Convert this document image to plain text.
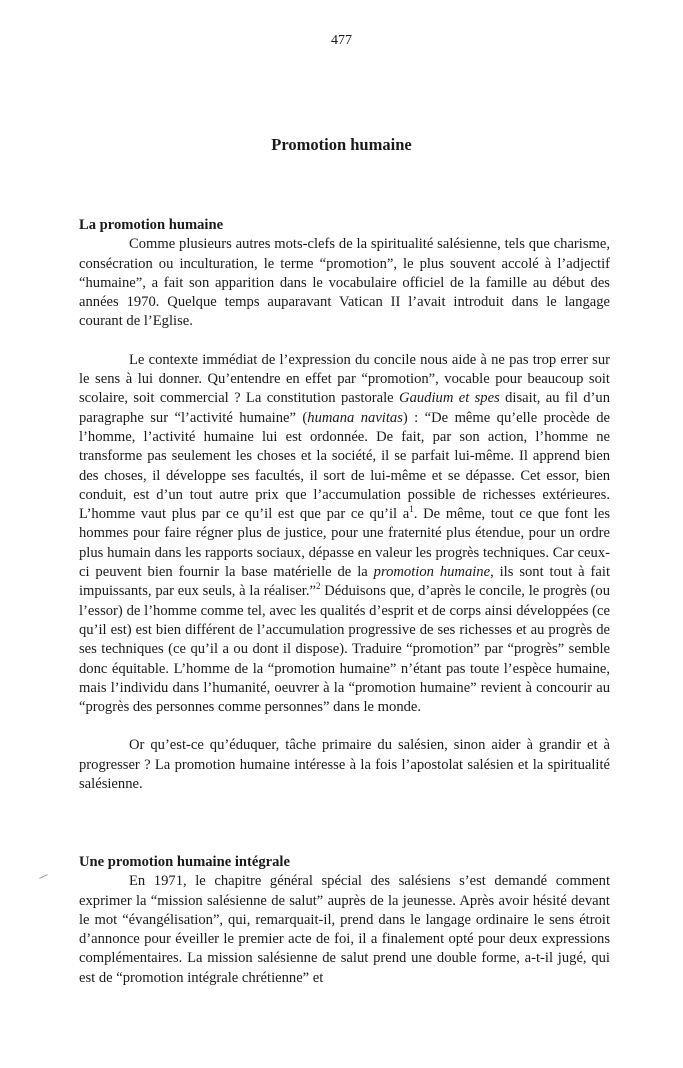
477
Promotion humaine
La promotion humaine

Comme plusieurs autres mots-clefs de la spiritualité salésienne, tels que charisme, consécration ou inculturation, le terme “promotion”, le plus souvent accolé à l’adjectif “humaine”, a fait son apparition dans le vocabulaire officiel de la famille au début des années 1970. Quelque temps auparavant Vatican II l’avait introduit dans le langage courant de l’Eglise.

Le contexte immédiat de l’expression du concile nous aide à ne pas trop errer sur le sens à lui donner. Qu’entendre en effet par “promotion”, vocable pour beaucoup soit scolaire, soit commercial ? La constitution pastorale Gaudium et spes disait, au fil d’un paragraphe sur “l’activité humaine” (humana navitas) : “De même qu’elle procède de l’homme, l’activité humaine lui est ordonnée. De fait, par son action, l’homme ne transforme pas seulement les choses et la société, il se parfait lui-même. Il apprend bien des choses, il développe ses facultés, il sort de lui-même et se dépasse. Cet essor, bien conduit, est d’un tout autre prix que l’accumulation possible de richesses extérieures. L’homme vaut plus par ce qu’il est que par ce qu’il $a^1$. De même, tout ce que font les hommes pour faire régner plus de justice, pour une fraternité plus étendue, pour un ordre plus humain dans les rapports sociaux, dépasse en valeur les progrès techniques. Car ceux-ci peuvent bien fournir la base matérielle de la promotion humaine, ils sont tout à fait impuissants, par eux seuls, à la réaliser.”$^2$ Déduisons que, d’après le concile, le progrès (ou l’essor) de l’homme comme tel, avec les qualités d’esprit et de corps ainsi développées (ce qu’il est) est bien différent de l’accumulation progressive de ses richesses et au progrès de ses techniques (ce qu’il a ou dont il dispose). Traduire “promotion” par “progrès” semble donc équitable. L’homme de la “promotion humaine” n’étant pas toute l’espèce humaine, mais l’individu dans l’humanité, oeuvrer à la “promotion humaine” revient à concourir au “progrès des personnes comme personnes” dans le monde.

Or qu’est-ce qu’éduquer, tâche primaire du salésien, sinon aider à grandir et à progresser ? La promotion humaine intéresse à la fois l’apostolat salésien et la spiritualité salésienne.

Une promotion humaine intégrale

En 1971, le chapitre général spécial des salésiens s’est demandé comment exprimer la “mission salésienne de salut” auprès de la jeunesse. Après avoir hésité devant le mot “évangélisation”, qui, remarquait-il, prend dans le langage ordinaire le sens étroit d’annonce pour éveiller le premier acte de foi, il a finalement opté pour deux expressions complémentaires. La mission salésienne de salut prend une double forme, a-t-il jugé, qui est de “promotion intégrale chrétienne” et
